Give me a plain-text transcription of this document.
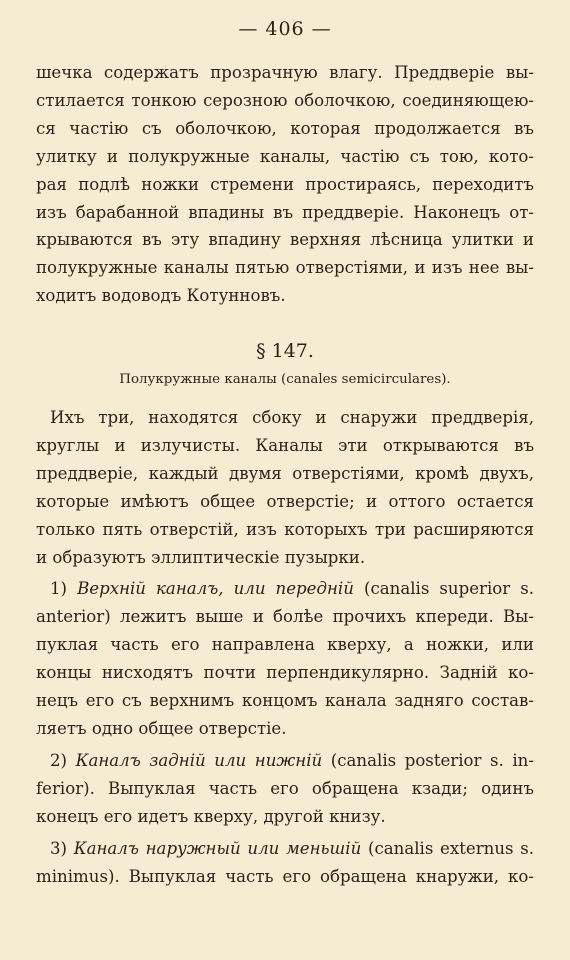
— 406 —
шечка содержатъ прозрачную влагу. Преддверіе вы-
стилается тонкою серозною оболочкою, соединяющею-
ся частію съ оболочкою, которая продолжается въ
улитку и полукружные каналы, частію съ тою, кото-
рая подлѣ ножки стремени простираясь, переходитъ
изъ барабанной впадины въ преддверіе. Наконецъ от-
крываются въ эту впадину верхняя лѣсница улитки и
полукружные каналы пятью отверстіями, и изъ нее вы-
ходитъ водоводъ Котунновъ.
§ 147.
Полукружные каналы (canales semicirculares).
Ихъ три, находятся сбоку и снаружи преддверія,
круглы и излучисты. Каналы эти открываются въ
преддверіе, каждый двумя отверстіями, кромѣ двухъ,
которые имѣютъ общее отверстіе; и оттого остается
только пять отверстій, изъ которыхъ три расширяются
и образуютъ эллиптическіе пузырки.
1) Верхній каналъ, или передній (canalis superior s.
anterior) лежитъ выше и болѣе прочихъ кпереди. Вы-
пуклая часть его направлена кверху, а ножки, или
концы нисходятъ почти перпендикулярно. Задній ко-
нецъ его съ верхнимъ концомъ канала задняго состав-
ляетъ одно общее отверстіе.
2) Каналъ задній или нижній (canalis posterior s. in-
ferior). Выпуклая часть его обращена кзади; одинъ
конецъ его идетъ кверху, другой книзу.
3) Каналъ наружный или меньшій (canalis externus s.
minimus). Выпуклая часть его обращена кнаружи, ко-
